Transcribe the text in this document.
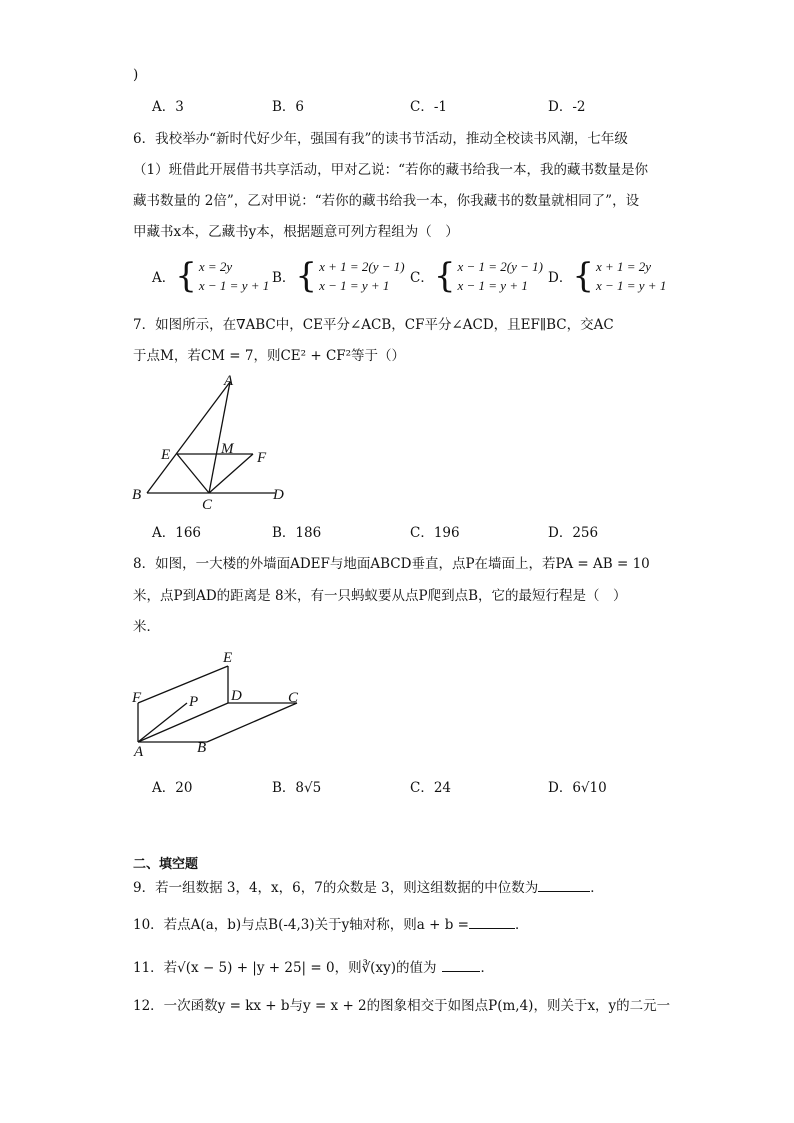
)
A．3	B．6	C．-1	D．-2
6．我校举办“新时代好少年，强国有我”的读书节活动，推动全校读书风潮，七年级
（1）班借此开展借书共享活动，甲对乙说：“若你的藏书给我一本，我的藏书数量是你
藏书数量的 2倍”，乙对甲说：“若你的藏书给我一本，你我藏书的数量就相同了”，设
甲藏书x本，乙藏书y本，根据题意可列方程组为（　）
A． { x = 2y
x − 1 = y + 1 B． { x + 1 = 2(y − 1)
x − 1 = y + 1	C． { x − 1 = 2(y − 1)
x − 1 = y + 1	D． { x + 1 = 2y
x − 1 = y + 1
7．如图所示，在∇ABC中，CE平分∠ACB，CF平分∠ACD，且EF∥BC，交AC
于点M，若CM = 7，则CE² + CF²等于（）
A
E	M
F
B
C
D
A．166	B．186	C．196	D．256
8．如图，一大楼的外墙面ADEF与地面ABCD垂直，点P在墙面上，若PA = AB = 10
米，点P到AD的距离是 8米，有一只蚂蚁要从点P爬到点B，它的最短行程是（　）
米．
E
F	P D	C
A	B
A．20	B．8√5	C．24	D．6√10
二、填空题
9．若一组数据 3，4，x，6，7的众数是 3，则这组数据的中位数为	．
10．若点A(a，b)与点B(-4,3)关于y轴对称，则a + b =	．
11．若√(x − 5) + |y + 25| = 0，则∛(xy)的值为	．
12．一次函数y = kx + b与y = x + 2的图象相交于如图点P(m,4)，则关于x，y的二元一
